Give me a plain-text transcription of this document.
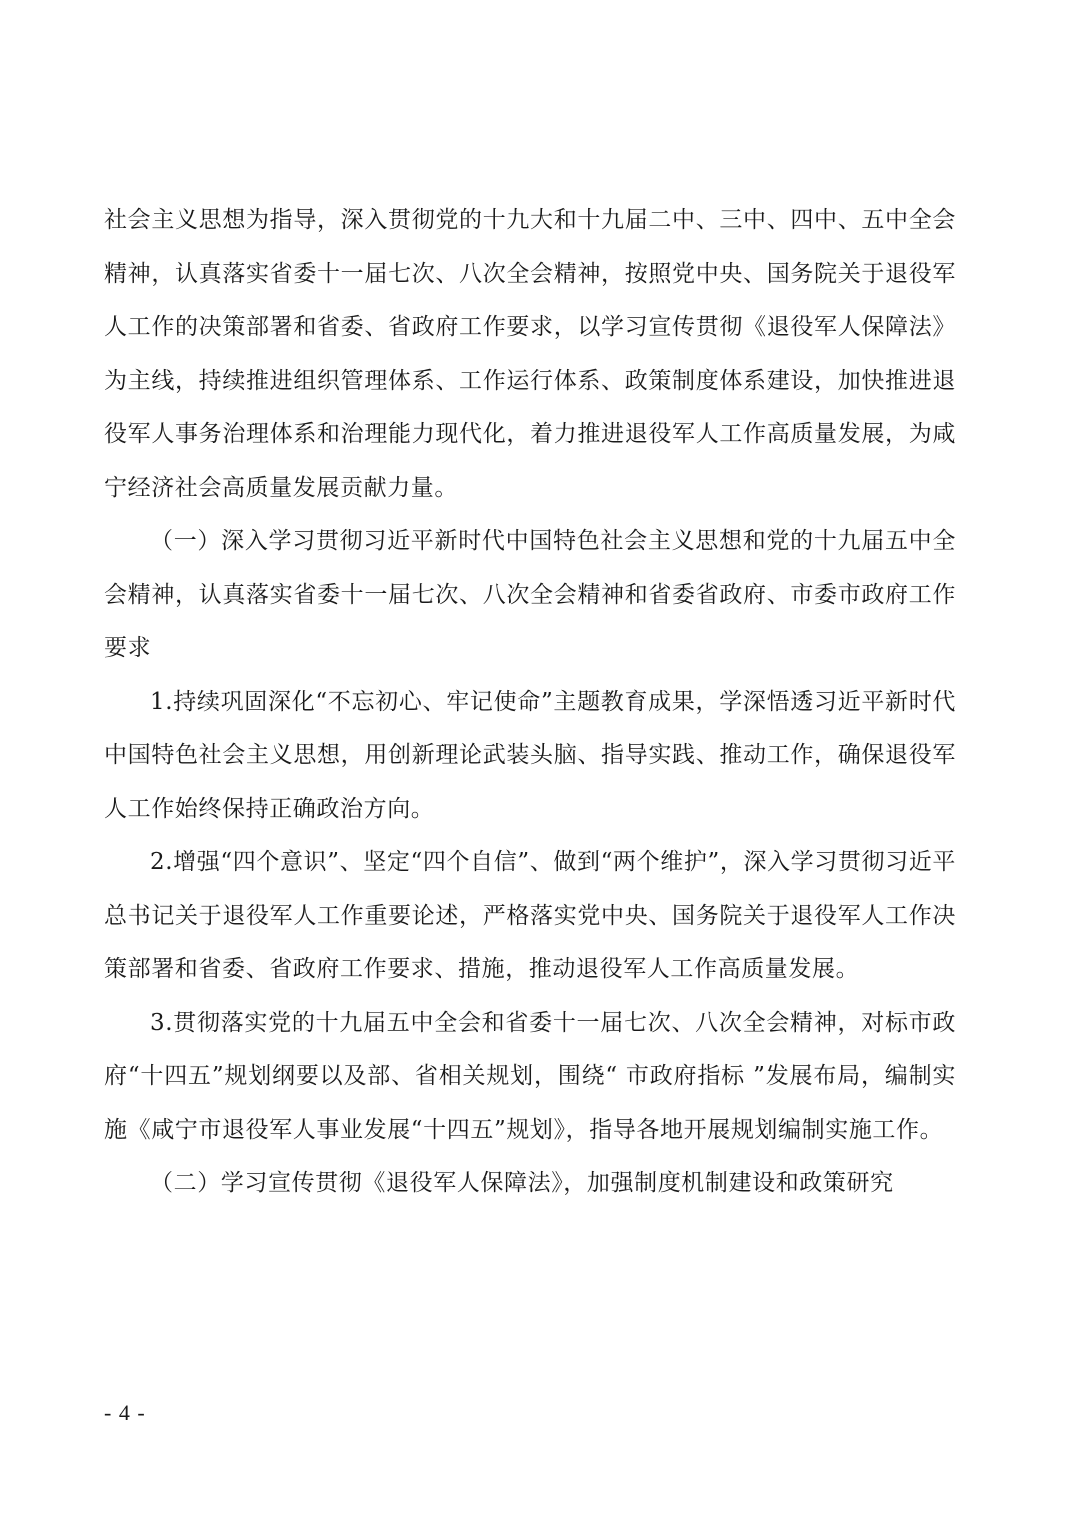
社会主义思想为指导，深入贯彻党的十九大和十九届二中、三中、四中、五中全会精神，认真落实省委十一届七次、八次全会精神，按照党中央、国务院关于退役军人工作的决策部署和省委、省政府工作要求，以学习宣传贯彻《退役军人保障法》为主线，持续推进组织管理体系、工作运行体系、政策制度体系建设，加快推进退役军人事务治理体系和治理能力现代化，着力推进退役军人工作高质量发展，为咸宁经济社会高质量发展贡献力量。

（一）深入学习贯彻习近平新时代中国特色社会主义思想和党的十九届五中全会精神，认真落实省委十一届七次、八次全会精神和省委省政府、市委市政府工作要求

1.持续巩固深化“不忘初心、牢记使命”主题教育成果，学深悟透习近平新时代中国特色社会主义思想，用创新理论武装头脑、指导实践、推动工作，确保退役军人工作始终保持正确政治方向。

2.增强“四个意识”、坚定“四个自信”、做到“两个维护”，深入学习贯彻习近平总书记关于退役军人工作重要论述，严格落实党中央、国务院关于退役军人工作决策部署和省委、省政府工作要求、措施，推动退役军人工作高质量发展。

3.贯彻落实党的十九届五中全会和省委十一届七次、八次全会精神，对标市政府“十四五”规划纲要以及部、省相关规划，围绕“ 市政府指标 ”发展布局，编制实施《咸宁市退役军人事业发展“十四五”规划》，指导各地开展规划编制实施工作。

（二）学习宣传贯彻《退役军人保障法》，加强制度机制建设和政策研究

- 4 -
